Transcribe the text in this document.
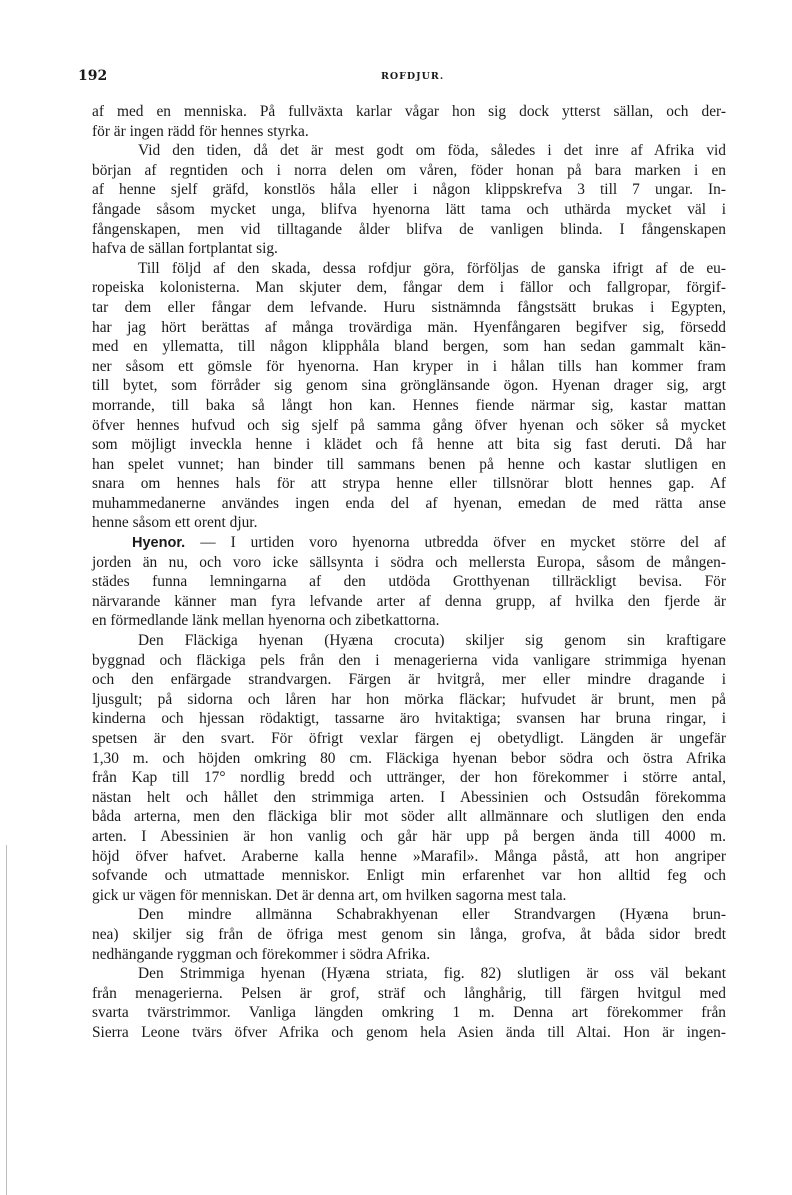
192	ROFDJUR.
af med en menniska. På fullväxta karlar vågar hon sig dock ytterst sällan, och der-
för är ingen rädd för hennes styrka.
Vid den tiden, då det är mest godt om föda, således i det inre af Afrika vid
början af regntiden och i norra delen om våren, föder honan på bara marken i en
af henne sjelf gräfd, konstlös håla eller i någon klippskrefva 3 till 7 ungar. In-
fångade såsom mycket unga, blifva hyenorna lätt tama och uthärda mycket väl i
fångenskapen, men vid tilltagande ålder blifva de vanligen blinda. I fångenskapen
hafva de sällan fortplantat sig.
Till följd af den skada, dessa rofdjur göra, förföljas de ganska ifrigt af de eu-
ropeiska kolonisterna. Man skjuter dem, fångar dem i fällor och fallgropar, förgif-
tar dem eller fångar dem lefvande. Huru sistnämnda fångstsätt brukas i Egypten,
har jag hört berättas af många trovärdiga män. Hyenfångaren begifver sig, försedd
med en yllematta, till någon klipphåla bland bergen, som han sedan gammalt kän-
ner såsom ett gömsle för hyenorna. Han kryper in i hålan tills han kommer fram
till bytet, som förråder sig genom sina grönglänsande ögon. Hyenan drager sig, argt
morrande, till baka så långt hon kan. Hennes fiende närmar sig, kastar mattan
öfver hennes hufvud och sig sjelf på samma gång öfver hyenan och söker så mycket
som möjligt inveckla henne i klädet och få henne att bita sig fast deruti. Då har
han spelet vunnet; han binder till sammans benen på henne och kastar slutligen en
snara om hennes hals för att strypa henne eller tillsnörar blott hennes gap. Af
muhammedanerne användes ingen enda del af hyenan, emedan de med rätta anse
henne såsom ett orent djur.
Hyenor. — I urtiden voro hyenorna utbredda öfver en mycket större del af
jorden än nu, och voro icke sällsynta i södra och mellersta Europa, såsom de mången-
städes funna lemningarna af den utdöda Grotthyenan tillräckligt bevisa. För
närvarande känner man fyra lefvande arter af denna grupp, af hvilka den fjerde är
en förmedlande länk mellan hyenorna och zibetkattorna.
Den Fläckiga hyenan (Hyæna crocuta) skiljer sig genom sin kraftigare
byggnad och fläckiga pels från den i menagerierna vida vanligare strimmiga hyenan
och den enfärgade strandvargen. Färgen är hvitgrå, mer eller mindre dragande i
ljusgult; på sidorna och låren har hon mörka fläckar; hufvudet är brunt, men på
kinderna och hjessan rödaktigt, tassarne äro hvitaktiga; svansen har bruna ringar, i
spetsen är den svart. För öfrigt vexlar färgen ej obetydligt. Längden är ungefär
1,30 m. och höjden omkring 80 cm. Fläckiga hyenan bebor södra och östra Afrika
från Kap till 17° nordlig bredd och uttränger, der hon förekommer i större antal,
nästan helt och hållet den strimmiga arten. I Abessinien och Ostsudân förekomma
båda arterna, men den fläckiga blir mot söder allt allmännare och slutligen den enda
arten. I Abessinien är hon vanlig och går här upp på bergen ända till 4000 m.
höjd öfver hafvet. Araberne kalla henne »Marafil». Många påstå, att hon angriper
sofvande och utmattade menniskor. Enligt min erfarenhet var hon alltid feg och
gick ur vägen för menniskan. Det är denna art, om hvilken sagorna mest tala.
Den mindre allmänna Schabrakhyenan eller Strandvargen (Hyæna brun-
nea) skiljer sig från de öfriga mest genom sin långa, grofva, åt båda sidor bredt
nedhängande ryggman och förekommer i södra Afrika.
Den Strimmiga hyenan (Hyæna striata, fig. 82) slutligen är oss väl bekant
från menagerierna. Pelsen är grof, sträf och långhårig, till färgen hvitgul med
svarta tvärstrimmor. Vanliga längden omkring 1 m. Denna art förekommer från
Sierra Leone tvärs öfver Afrika och genom hela Asien ända till Altai. Hon är ingen-
